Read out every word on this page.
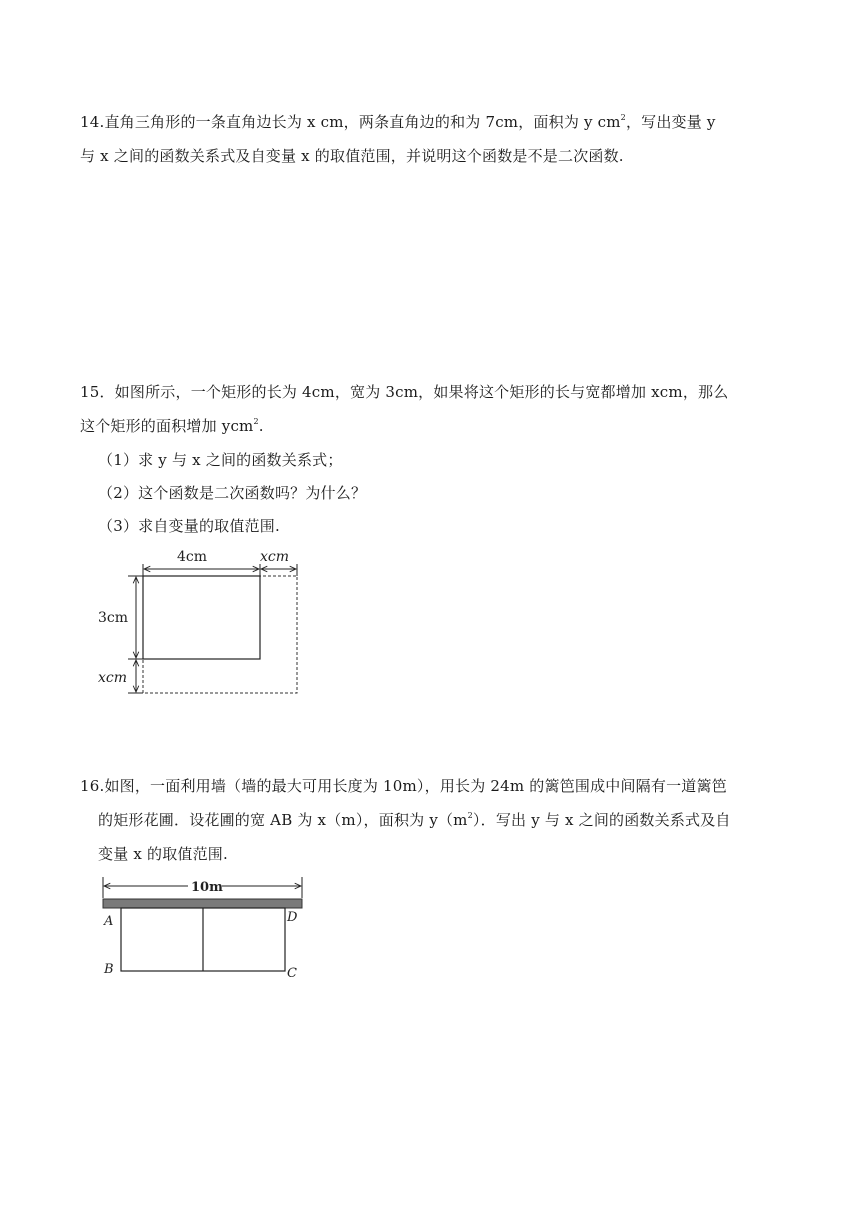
14.直角三角形的一条直角边长为 x cm，两条直角边的和为 7cm，面积为 y $cm^2$，写出变量 y
与 x 之间的函数关系式及自变量 x 的取值范围，并说明这个函数是不是二次函数.
15．如图所示，一个矩形的长为 4cm，宽为 3cm，如果将这个矩形的长与宽都增加 xcm，那么
这个矩形的面积增加 ycm$^2$.
（1）求 y 与 x 之间的函数关系式；
（2）这个函数是二次函数吗？为什么？
（3）求自变量的取值范围.
4cm	xcm
3cm
xcm
16.如图，一面利用墙（墙的最大可用长度为 10m），用长为 24m 的篱笆围成中间隔有一道篱笆
的矩形花圃．设花圃的宽 AB 为 x（m），面积为 $y(m^2)$．写出 y 与 x 之间的函数关系式及自
变量 x 的取值范围.
10m
A	D
B	C
